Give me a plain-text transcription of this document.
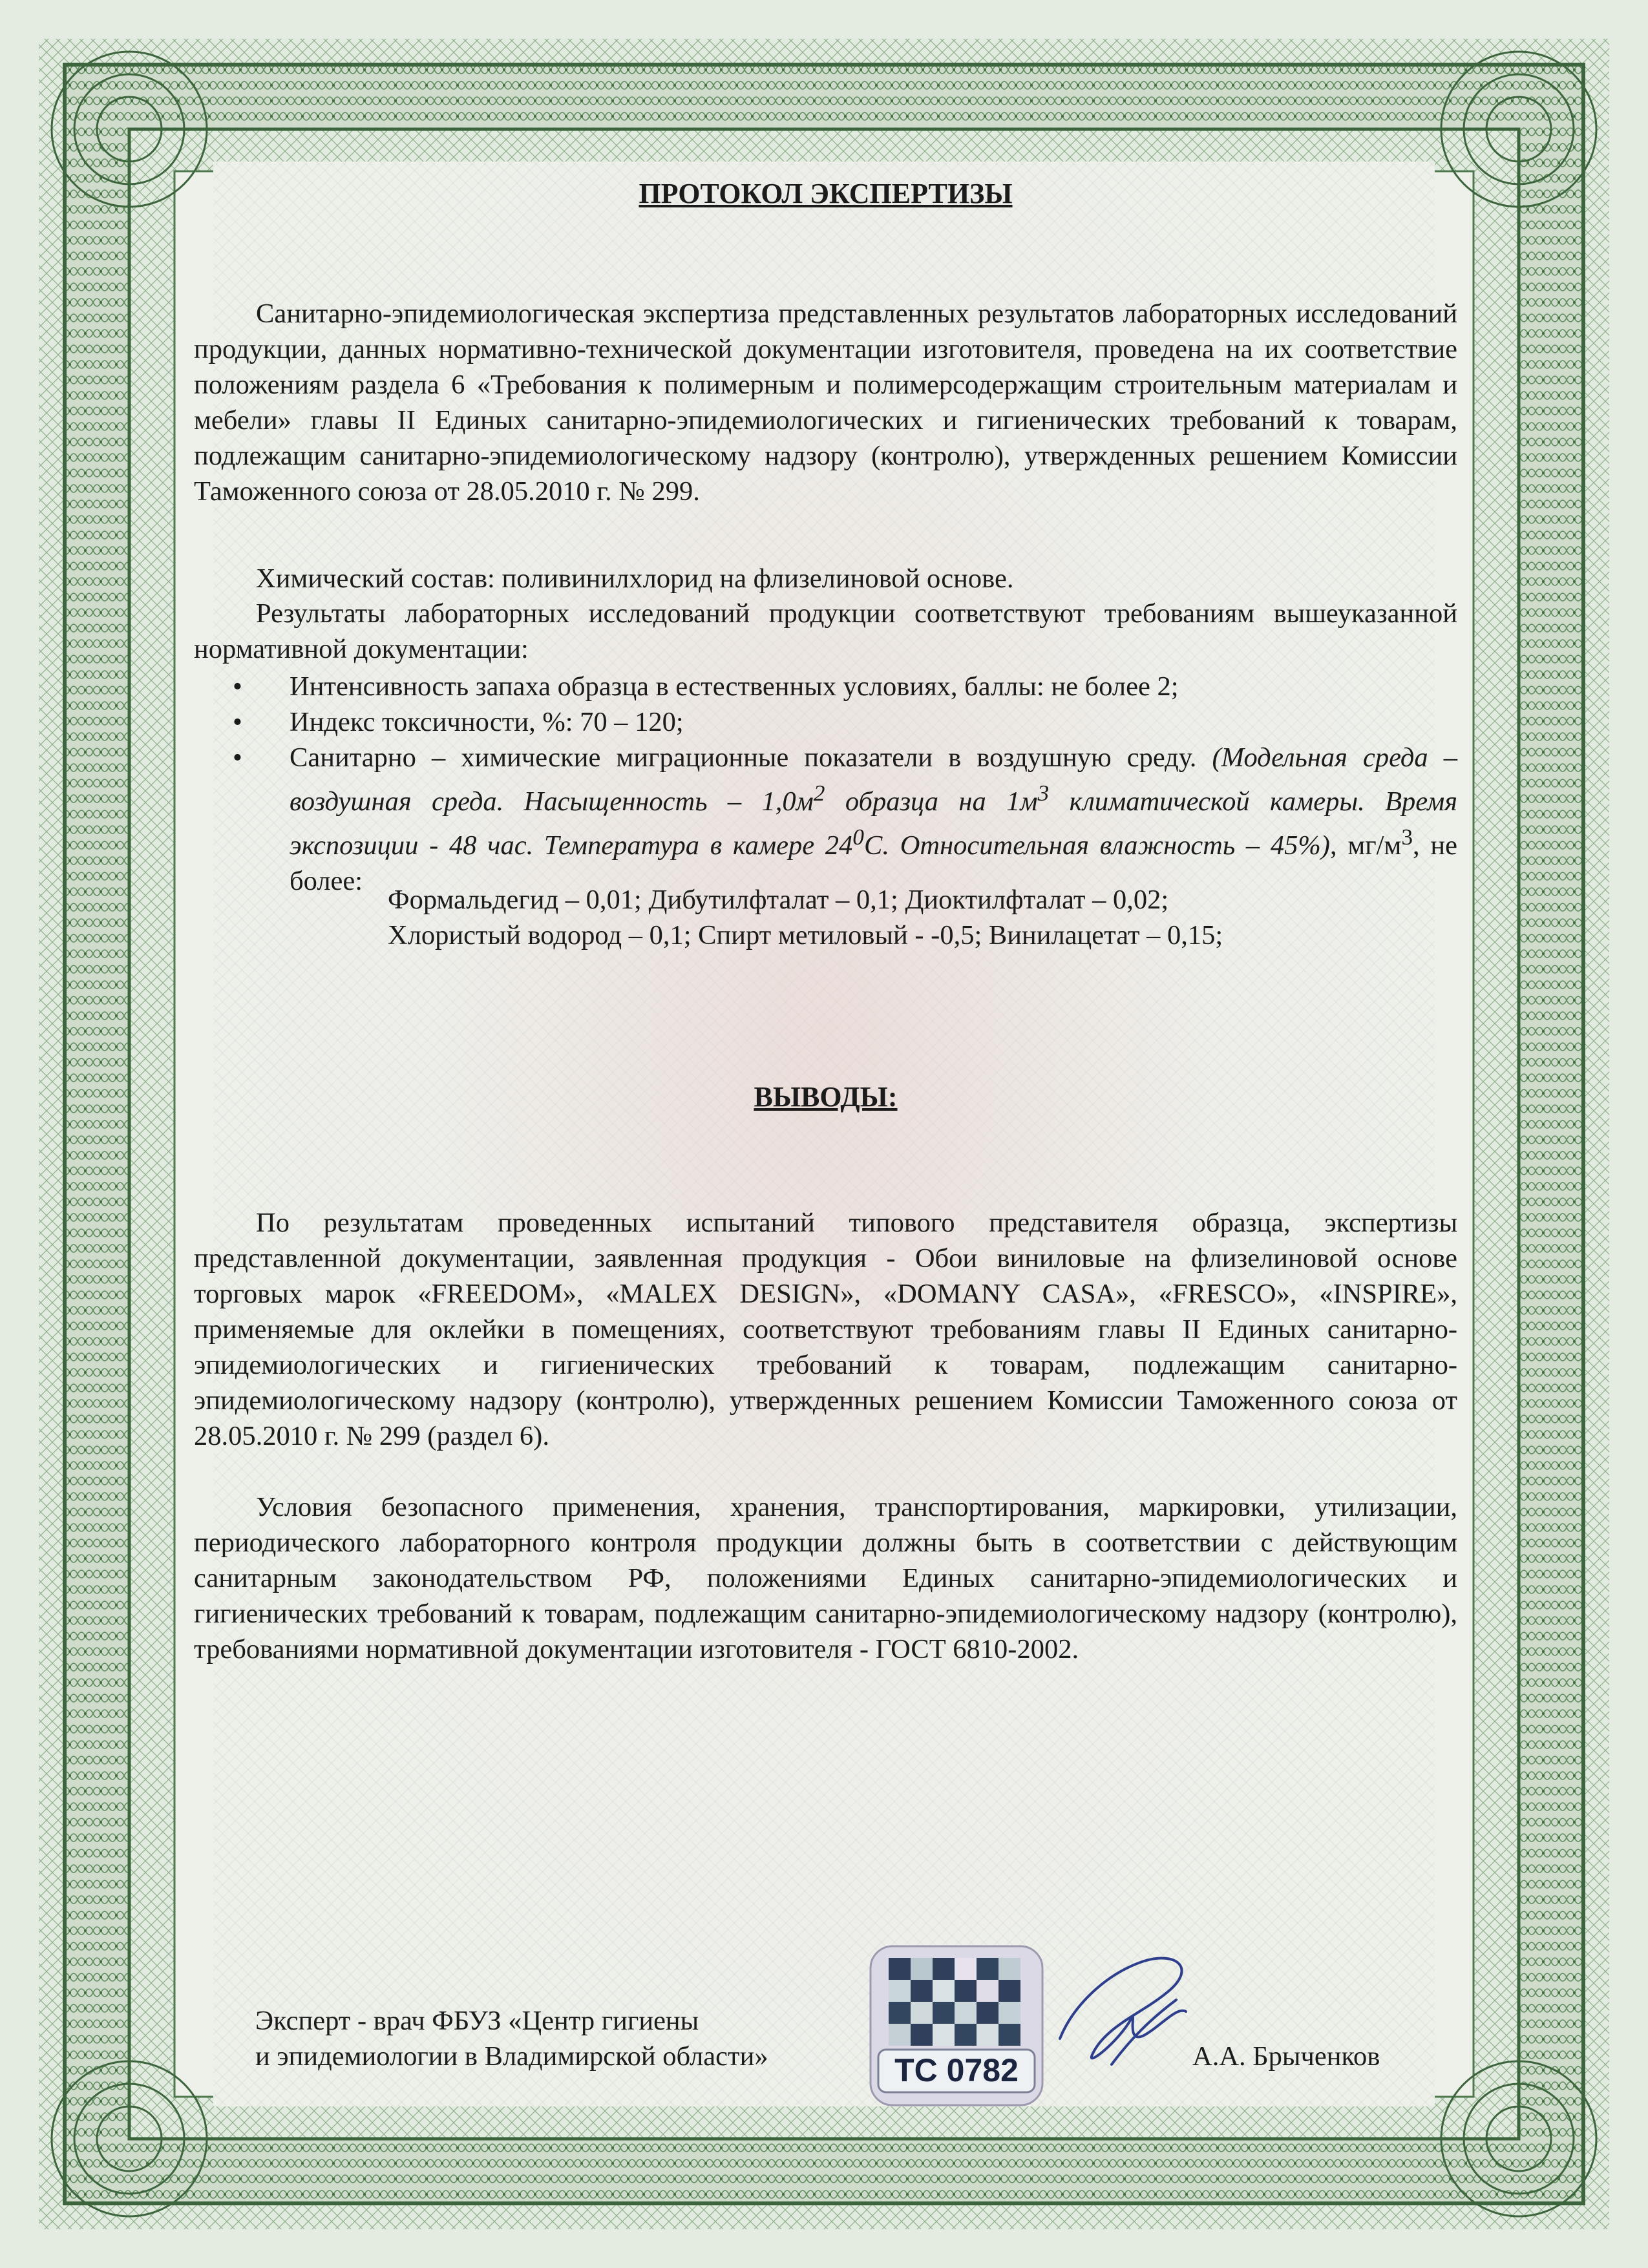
ПРОТОКОЛ ЭКСПЕРТИЗЫ

Санитарно-эпидемиологическая экспертиза представленных результатов лабораторных исследований продукции, данных нормативно-технической документации изготовителя, проведена на их соответствие положениям раздела 6 «Требования к полимерным и полимерсодержащим строительным материалам и мебели» главы II Единых санитарно-эпидемиологических и гигиенических требований к товарам, подлежащим санитарно-эпидемиологическому надзору (контролю), утвержденных решением Комиссии Таможенного союза от 28.05.2010 г. № 299.

Химический состав: поливинилхлорид на флизелиновой основе.

Результаты лабораторных исследований продукции соответствуют требованиям вышеуказанной нормативной документации:

•	Интенсивность запаха образца в естественных условиях, баллы: не более 2;

•	Индекс токсичности, %: 70 – 120;

•	Санитарно – химические миграционные показатели в воздушную среду. (Модельная среда – воздушная среда. Насыщенность – $1,0м^2$ образца на $1м^3$ климатической камеры. Время экспозиции - 48 час. Температура в камере $24^0С$. Относительная влажность – 45%), $мг/м^3$, не более:

Формальдегид – 0,01; Дибутилфталат – 0,1; Диоктилфталат – 0,02;

Хлористый водород – 0,1; Спирт метиловый - -0,5; Винилацетат – 0,15;

ВЫВОДЫ:

По результатам проведенных испытаний типового представителя образца, экспертизы представленной документации, заявленная продукция - Обои виниловые на флизелиновой основе торговых марок «FREEDOM», «MALEX DESIGN», «DOMANY CASA», «FRESCO», «INSPIRE», применяемые для оклейки в помещениях, соответствуют требованиям главы II Единых санитарно-эпидемиологических и гигиенических требований к товарам, подлежащим санитарно-эпидемиологическому надзору (контролю), утвержденных решением Комиссии Таможенного союза от 28.05.2010 г. № 299 (раздел 6).

Условия безопасного применения, хранения, транспортирования, маркировки, утилизации, периодического лабораторного контроля продукции должны быть в соответствии с действующим санитарным законодательством РФ, положениями Единых санитарно-эпидемиологических и гигиенических требований к товарам, подлежащим санитарно-эпидемиологическому надзору (контролю), требованиями нормативной документации изготовителя - ГОСТ 6810-2002.

Эксперт - врач ФБУЗ «Центр гигиены
и эпидемиологии в Владимирской области»	А.А. Брыченков
TC 0782
